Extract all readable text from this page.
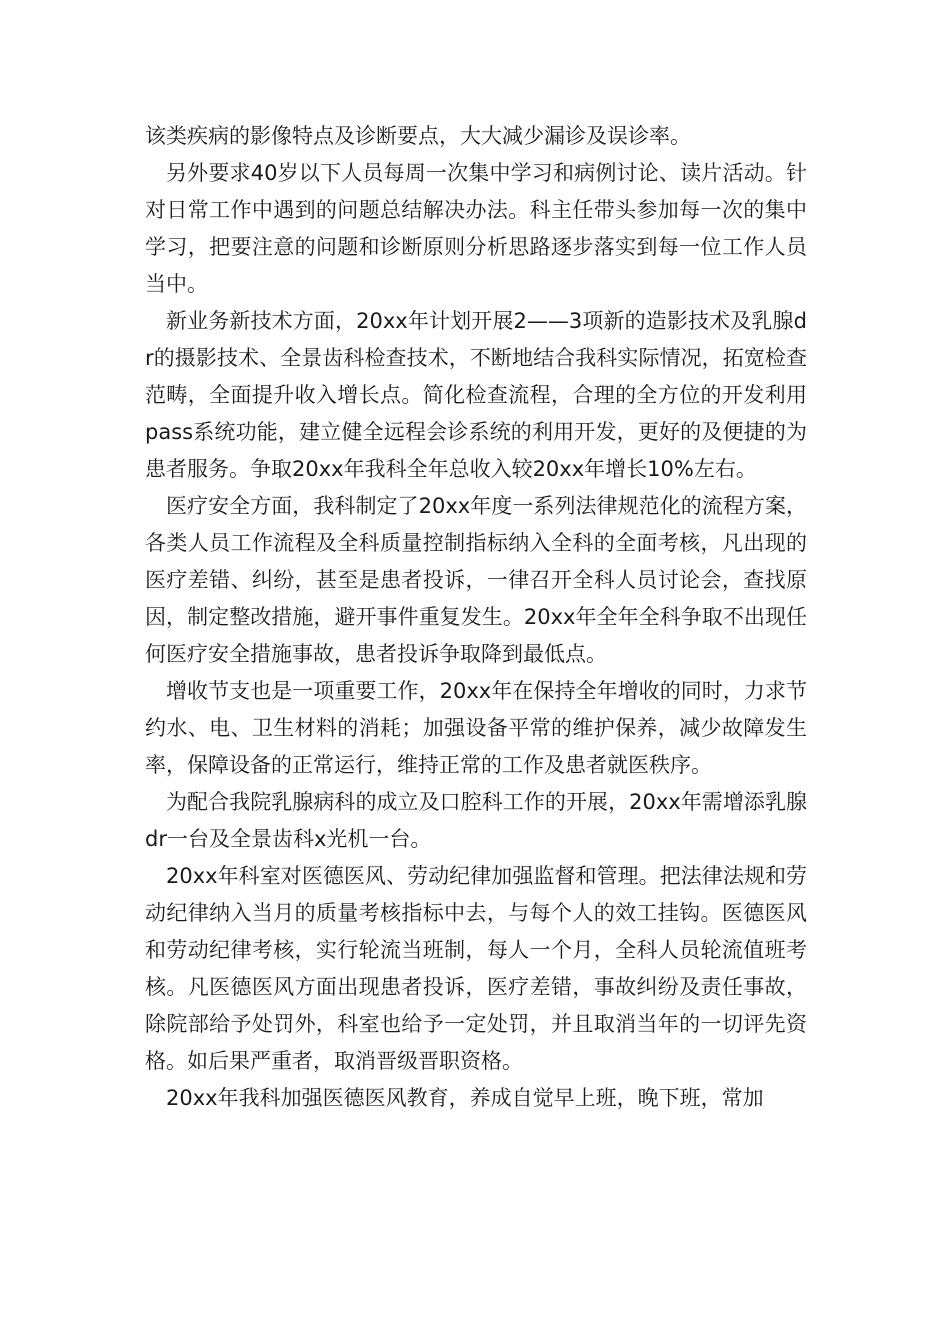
该类疾病的影像特点及诊断要点，大大减少漏诊及误诊率。

另外要求40岁以下人员每周一次集中学习和病例讨论、读片活动。针对日常工作中遇到的问题总结解决办法。科主任带头参加每一次的集中学习，把要注意的问题和诊断原则分析思路逐步落实到每一位工作人员当中。

新业务新技术方面，20xx年计划开展2——3项新的造影技术及乳腺dr的摄影技术、全景齿科检查技术，不断地结合我科实际情况，拓宽检查范畴，全面提升收入增长点。简化检查流程，合理的全方位的开发利用pass系统功能，建立健全远程会诊系统的利用开发，更好的及便捷的为患者服务。争取20xx年我科全年总收入较20xx年增长10%左右。

医疗安全方面，我科制定了20xx年度一系列法律规范化的流程方案，各类人员工作流程及全科质量控制指标纳入全科的全面考核，凡出现的医疗差错、纠纷，甚至是患者投诉，一律召开全科人员讨论会，查找原因，制定整改措施，避开事件重复发生。20xx年全年全科争取不出现任何医疗安全措施事故，患者投诉争取降到最低点。

增收节支也是一项重要工作，20xx年在保持全年增收的同时，力求节约水、电、卫生材料的消耗；加强设备平常的维护保养，减少故障发生率，保障设备的正常运行，维持正常的工作及患者就医秩序。

为配合我院乳腺病科的成立及口腔科工作的开展，20xx年需增添乳腺dr一台及全景齿科x光机一台。

20xx年科室对医德医风、劳动纪律加强监督和管理。把法律法规和劳动纪律纳入当月的质量考核指标中去，与每个人的效工挂钩。医德医风和劳动纪律考核，实行轮流当班制，每人一个月，全科人员轮流值班考核。凡医德医风方面出现患者投诉，医疗差错，事故纠纷及责任事故，除院部给予处罚外，科室也给予一定处罚，并且取消当年的一切评先资格。如后果严重者，取消晋级晋职资格。

20xx年我科加强医德医风教育，养成自觉早上班，晚下班，常加
